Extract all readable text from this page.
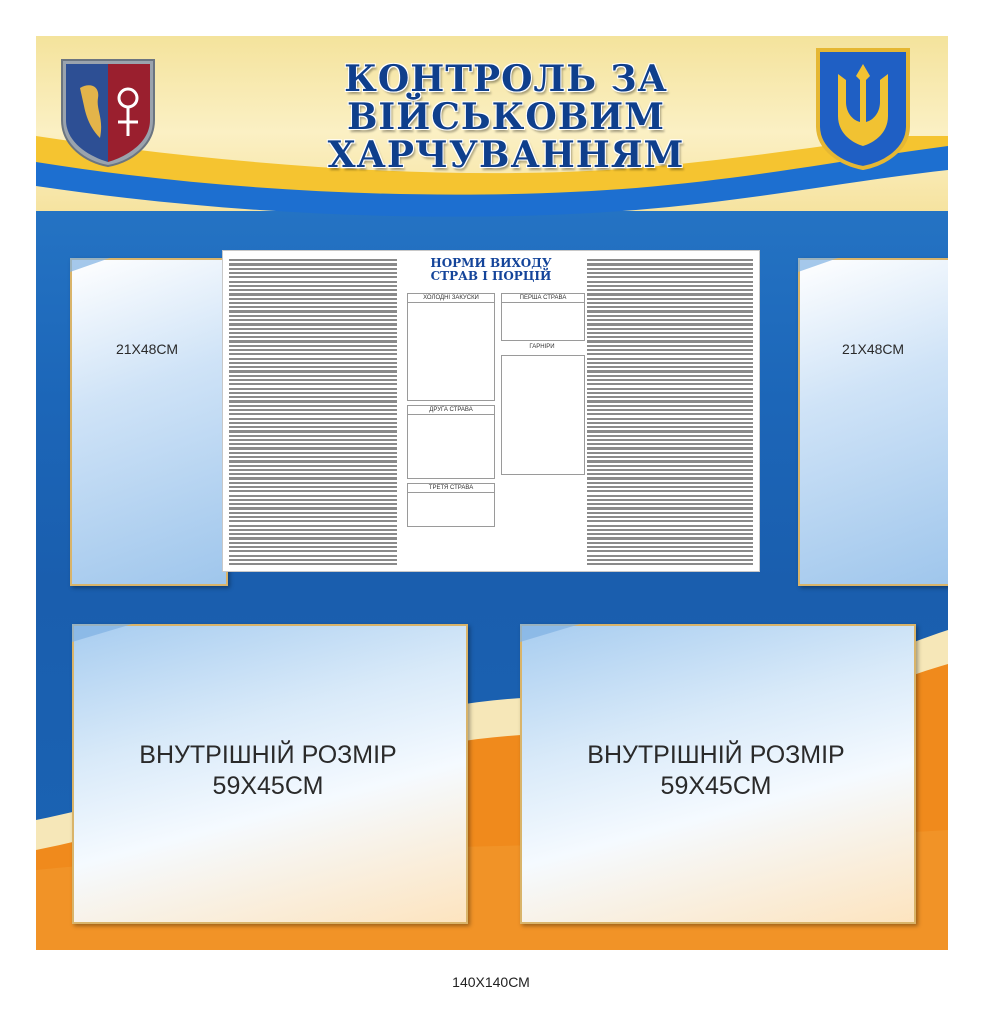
КОНТРОЛЬ ЗА ВІЙСЬКОВИМ
ХАРЧУВАННЯМ
21Х48СМ	21Х48СМ
НОРМИ ВИХОДУ
СТРАВ І ПОРЦІЙ
ХОЛОДНІ ЗАКУСКИ	ПЕРША СТРАВА
ГАРНІРИ
ДРУГА СТРАВА
ТРЕТЯ СТРАВА
ВНУТРІШНІЙ РОЗМІР
59Х45СМ
ВНУТРІШНІЙ РОЗМІР
59Х45СМ
140Х140СМ
